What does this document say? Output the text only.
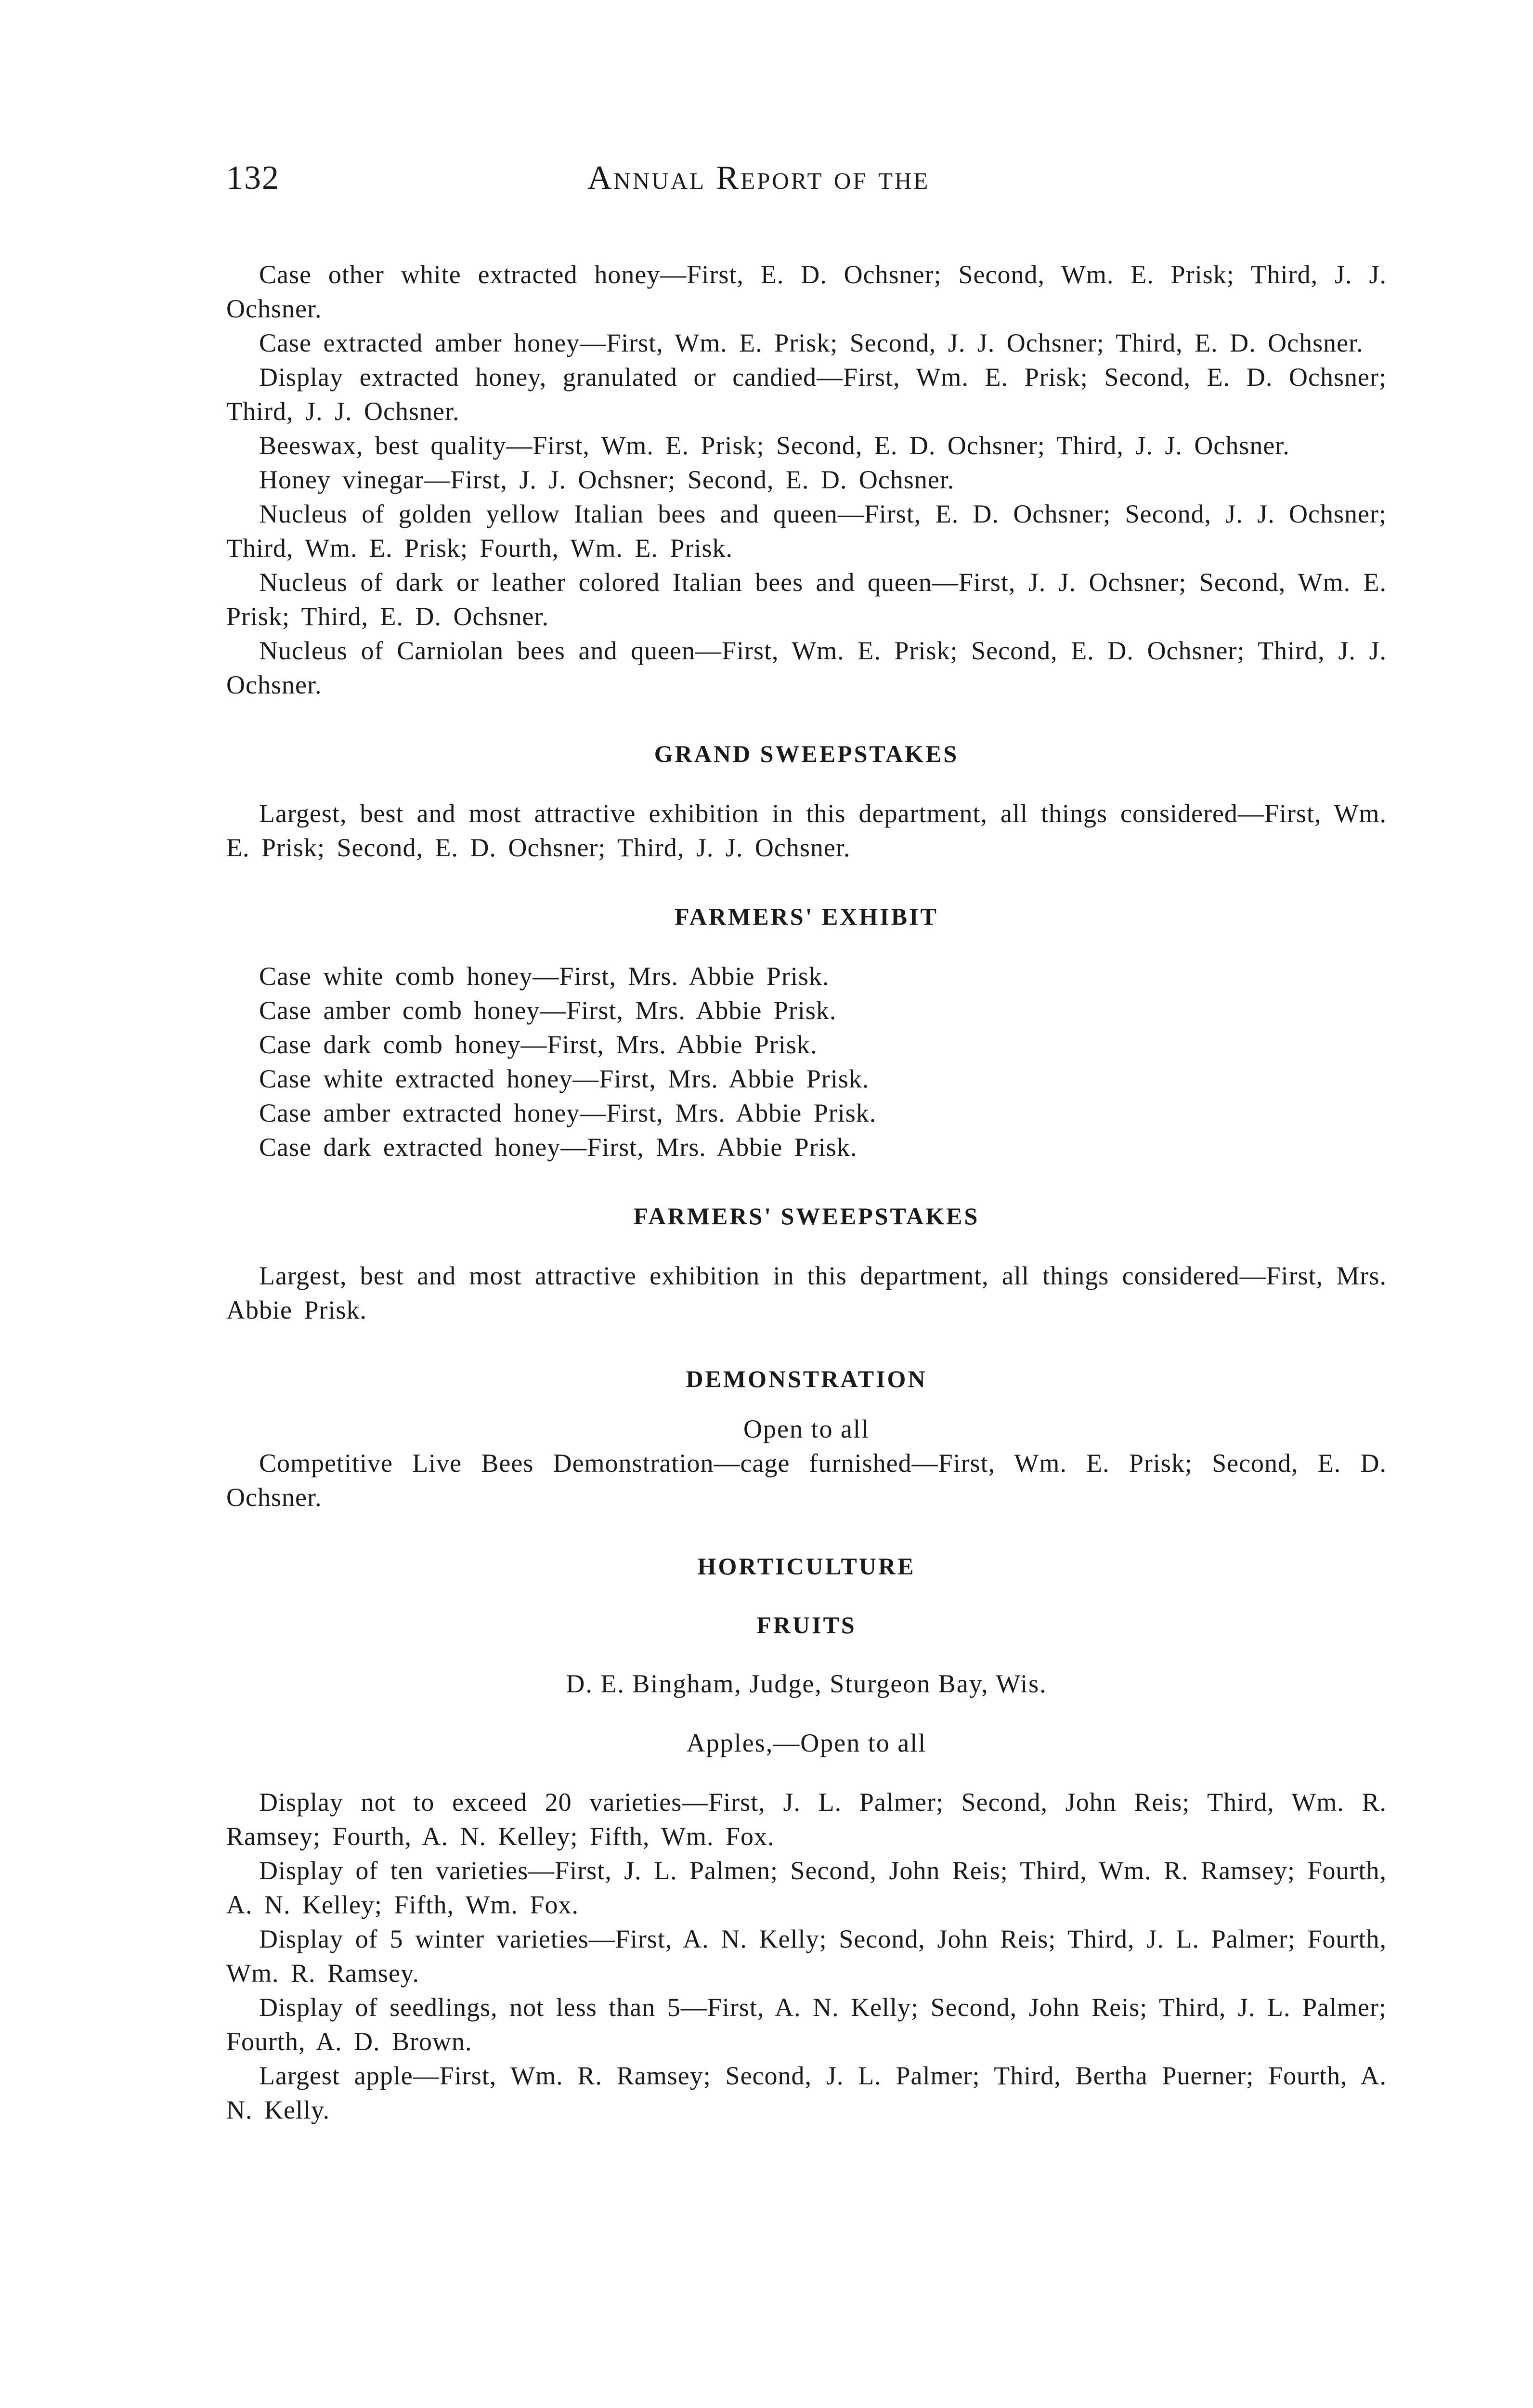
132	Annual Report of the

Case other white extracted honey—First, E. D. Ochsner; Second, Wm. E. Prisk; Third, J. J. Ochsner.

Case extracted amber honey—First, Wm. E. Prisk; Second, J. J. Ochsner; Third, E. D. Ochsner.

Display extracted honey, granulated or candied—First, Wm. E. Prisk; Second, E. D. Ochsner; Third, J. J. Ochsner.

Beeswax, best quality—First, Wm. E. Prisk; Second, E. D. Ochsner; Third, J. J. Ochsner.

Honey vinegar—First, J. J. Ochsner; Second, E. D. Ochsner.

Nucleus of golden yellow Italian bees and queen—First, E. D. Ochsner; Second, J. J. Ochsner; Third, Wm. E. Prisk; Fourth, Wm. E. Prisk.

Nucleus of dark or leather colored Italian bees and queen—First, J. J. Ochsner; Second, Wm. E. Prisk; Third, E. D. Ochsner.

Nucleus of Carniolan bees and queen—First, Wm. E. Prisk; Second, E. D. Ochsner; Third, J. J. Ochsner.

GRAND SWEEPSTAKES

Largest, best and most attractive exhibition in this department, all things considered—First, Wm. E. Prisk; Second, E. D. Ochsner; Third, J. J. Ochsner.

FARMERS' EXHIBIT

Case white comb honey—First, Mrs. Abbie Prisk.

Case amber comb honey—First, Mrs. Abbie Prisk.

Case dark comb honey—First, Mrs. Abbie Prisk.

Case white extracted honey—First, Mrs. Abbie Prisk.

Case amber extracted honey—First, Mrs. Abbie Prisk.

Case dark extracted honey—First, Mrs. Abbie Prisk.

FARMERS' SWEEPSTAKES

Largest, best and most attractive exhibition in this department, all things considered—First, Mrs. Abbie Prisk.

DEMONSTRATION

Open to all

Competitive Live Bees Demonstration—cage furnished—First, Wm. E. Prisk; Second, E. D. Ochsner.

HORTICULTURE
FRUITS

D. E. Bingham, Judge, Sturgeon Bay, Wis.

Apples,—Open to all

Display not to exceed 20 varieties—First, J. L. Palmer; Second, John Reis; Third, Wm. R. Ramsey; Fourth, A. N. Kelley; Fifth, Wm. Fox.

Display of ten varieties—First, J. L. Palmen; Second, John Reis; Third, Wm. R. Ramsey; Fourth, A. N. Kelley; Fifth, Wm. Fox.

Display of 5 winter varieties—First, A. N. Kelly; Second, John Reis; Third, J. L. Palmer; Fourth, Wm. R. Ramsey.

Display of seedlings, not less than 5—First, A. N. Kelly; Second, John Reis; Third, J. L. Palmer; Fourth, A. D. Brown.

Largest apple—First, Wm. R. Ramsey; Second, J. L. Palmer; Third, Bertha Puerner; Fourth, A. N. Kelly.
